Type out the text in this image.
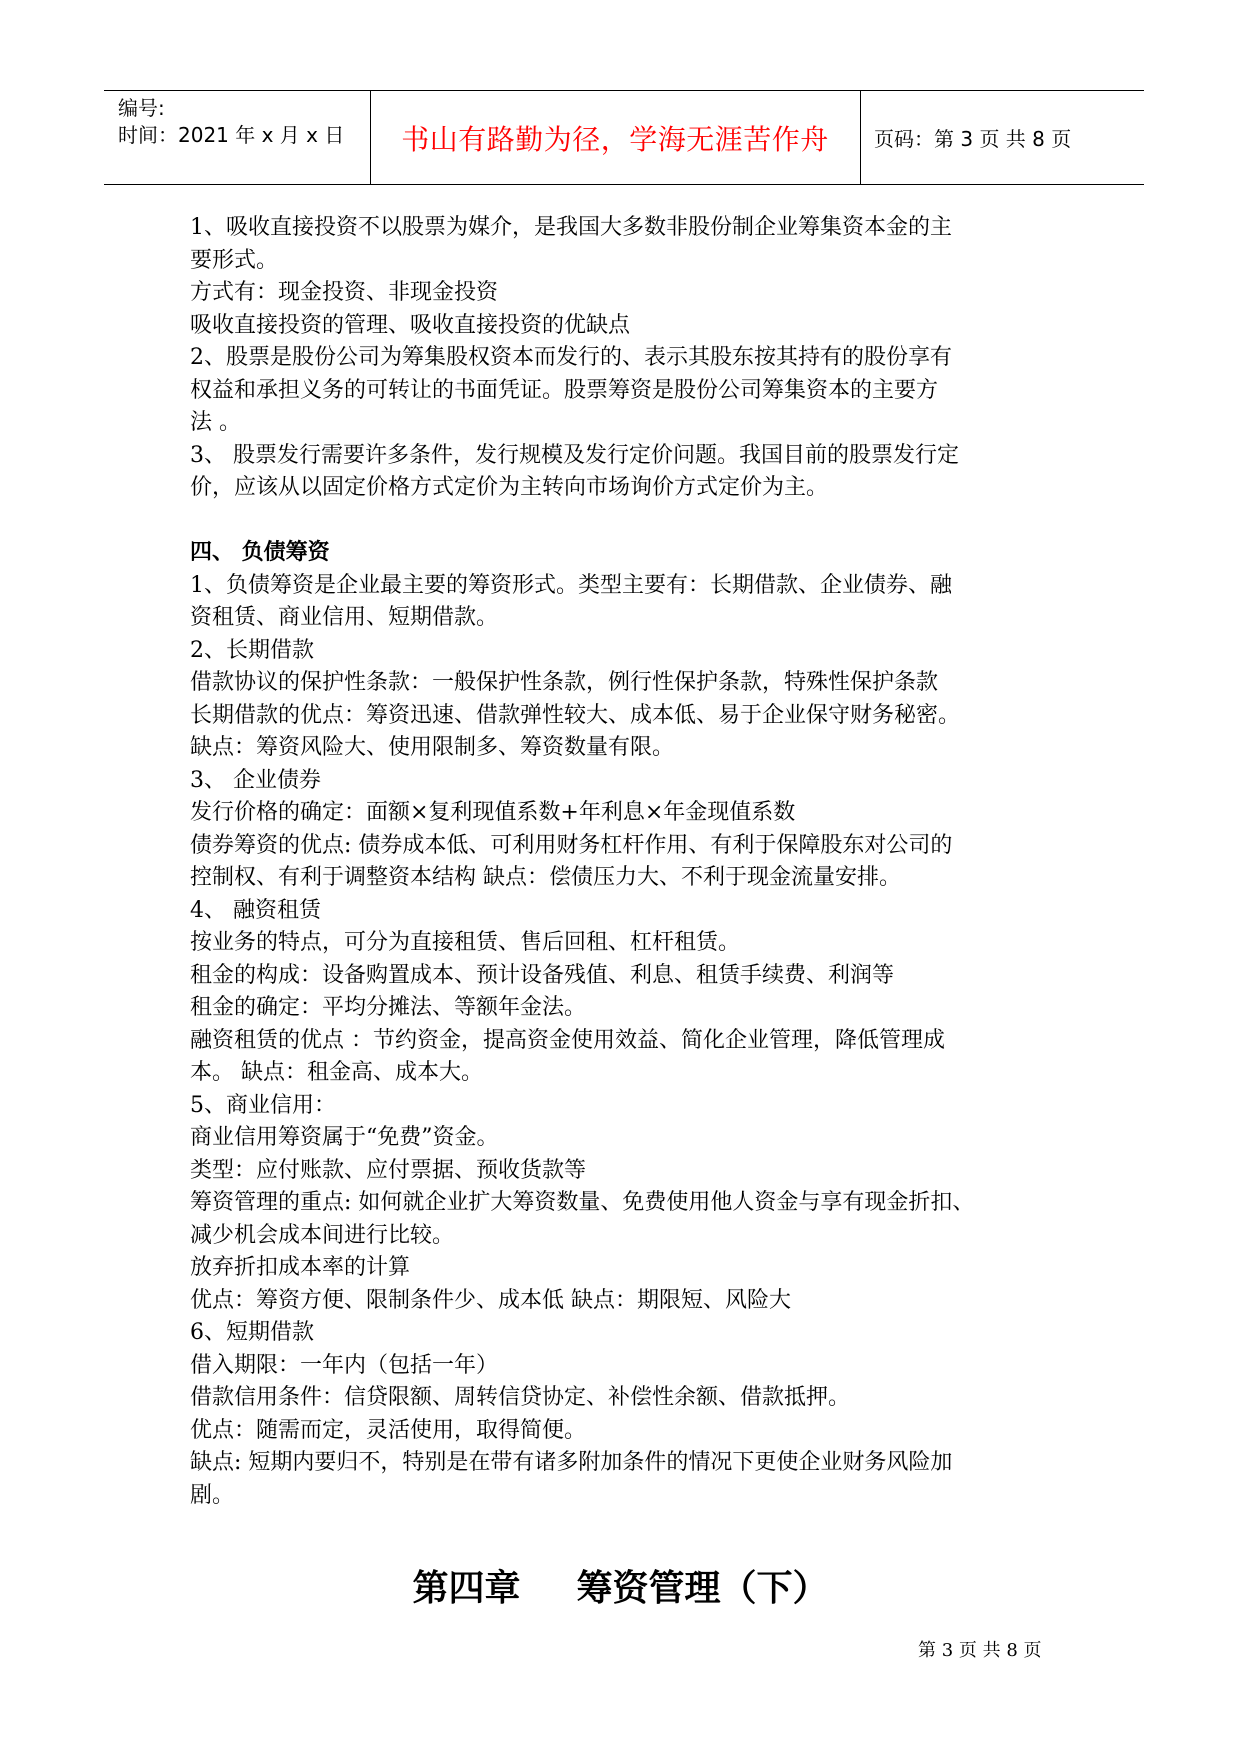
编号:
时间：2021 年 x 月 x 日	书山有路勤为径，学海无涯苦作舟	页码：第 3 页 共 8 页
1、吸收直接投资不以股票为媒介，是我国大多数非股份制企业筹集资本金的主
要形式。
方式有：现金投资、非现金投资
吸收直接投资的管理、吸收直接投资的优缺点
2、股票是股份公司为筹集股权资本而发行的、表示其股东按其持有的股份享有
权益和承担义务的可转让的书面凭证。股票筹资是股份公司筹集资本的主要方
法 。
3、 股票发行需要许多条件，发行规模及发行定价问题。我国目前的股票发行定
价，应该从以固定价格方式定价为主转向市场询价方式定价为主。
四、 负债筹资
1、负债筹资是企业最主要的筹资形式。类型主要有：长期借款、企业债券、融
资租赁、商业信用、短期借款。
2、长期借款
借款协议的保护性条款：一般保护性条款，例行性保护条款，特殊性保护条款
长期借款的优点：筹资迅速、借款弹性较大、成本低、易于企业保守财务秘密。
缺点：筹资风险大、使用限制多、筹资数量有限。
3、 企业债券
发行价格的确定：面额×复利现值系数+年利息×年金现值系数
债券筹资的优点: 债券成本低、可利用财务杠杆作用、有利于保障股东对公司的
控制权、有利于调整资本结构 缺点：偿债压力大、不利于现金流量安排。
4、 融资租赁
按业务的特点，可分为直接租赁、售后回租、杠杆租赁。
租金的构成：设备购置成本、预计设备残值、利息、租赁手续费、利润等
租金的确定：平均分摊法、等额年金法。
融资租赁的优点 ：节约资金，提高资金使用效益、简化企业管理，降低管理成
本。 缺点：租金高、成本大。
5、商业信用：
商业信用筹资属于“免费”资金。
类型：应付账款、应付票据、预收货款等
筹资管理的重点: 如何就企业扩大筹资数量、免费使用他人资金与享有现金折扣、
减少机会成本间进行比较。
放弃折扣成本率的计算
优点：筹资方便、限制条件少、成本低 缺点：期限短、风险大
6、短期借款
借入期限：一年内（包括一年）
借款信用条件：信贷限额、周转信贷协定、补偿性余额、借款抵押。
优点：随需而定，灵活使用，取得简便。
缺点: 短期内要归不，特别是在带有诸多附加条件的情况下更使企业财务风险加
剧。
第四章 筹资管理（下）
第 3 页 共 8 页
